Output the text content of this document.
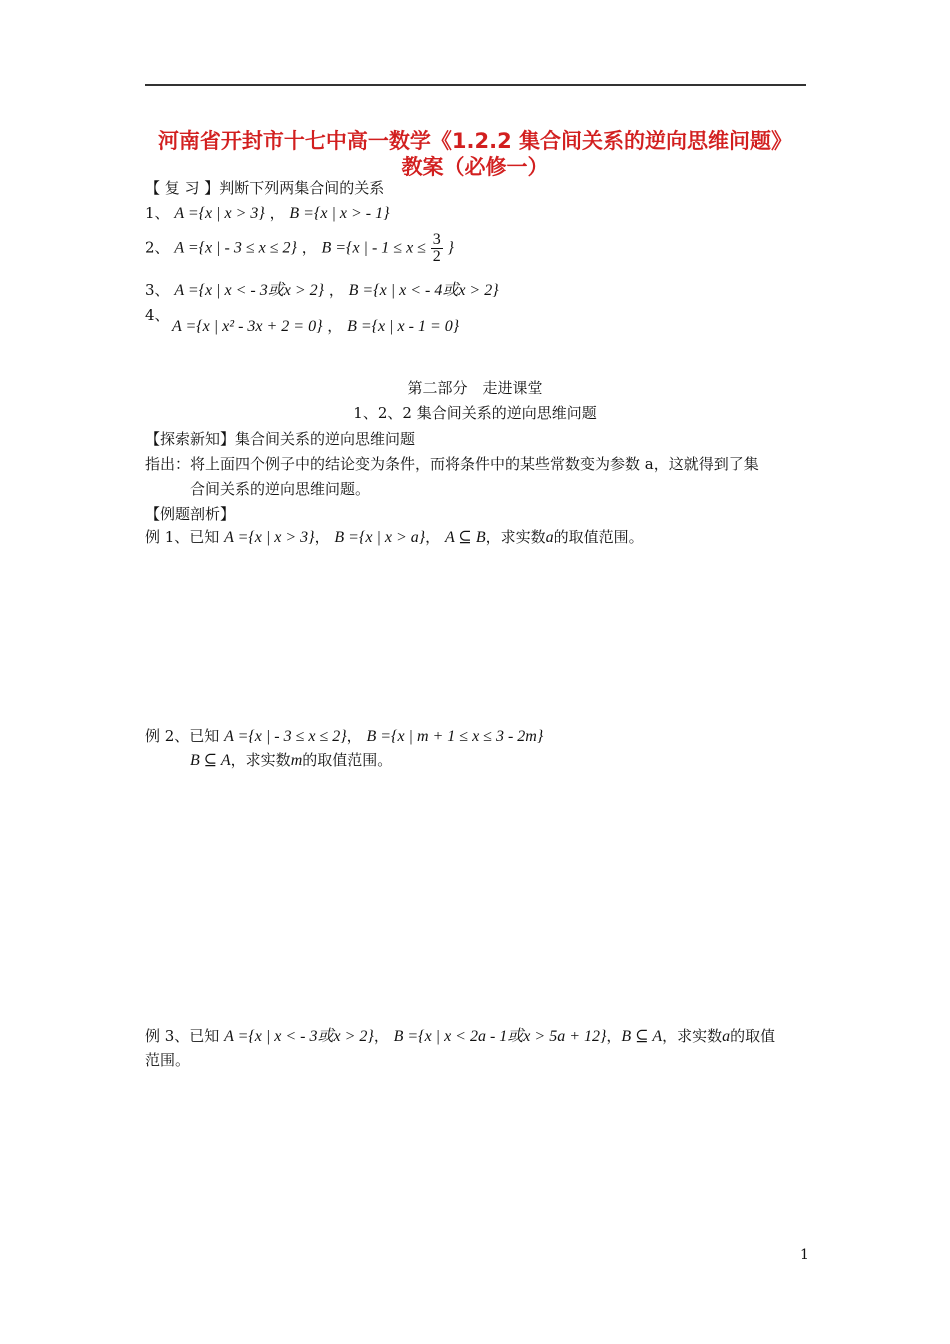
河南省开封市十七中高一数学《1.2.2 集合间关系的逆向思维问题》
教案（必修一）
【 复 习 】判断下列两集合间的关系
1、 A ={x | x > 3} ， B ={x | x > - 1}
2、 A ={x | - 3 ≤ x ≤ 2} ， B ={x | - $1 \le x \le \frac{3}{2}$ }
3、 A ={x | x < - 3或x > 2} ， B ={x | x < - 4或x > 2}
4、
A ={x | x² - 3x + 2 = 0} ， B ={x | x - 1 = 0}
第二部分　走进课堂
1、2、2 集合间关系的逆向思维问题
【探索新知】集合间关系的逆向思维问题
指出：将上面四个例子中的结论变为条件，而将条件中的某些常数变为参数 a，这就得到了集
合间关系的逆向思维问题。
【例题剖析】
例 1、已知 A ={x | x > 3}， B ={x | x > a}， A ⊆ B，求实数a的取值范围。
例 2、已知 A ={x | - 3 ≤ x ≤ 2}， B ={x | m + 1 ≤ x ≤ 3 - 2m}
B ⊆ A，求实数m的取值范围。
例 3、已知 A ={x | x < - 3或x > 2}， B ={x | x < 2a - 1或x > 5a + 12}，B ⊆ A，求实数a的取值
范围。
1
